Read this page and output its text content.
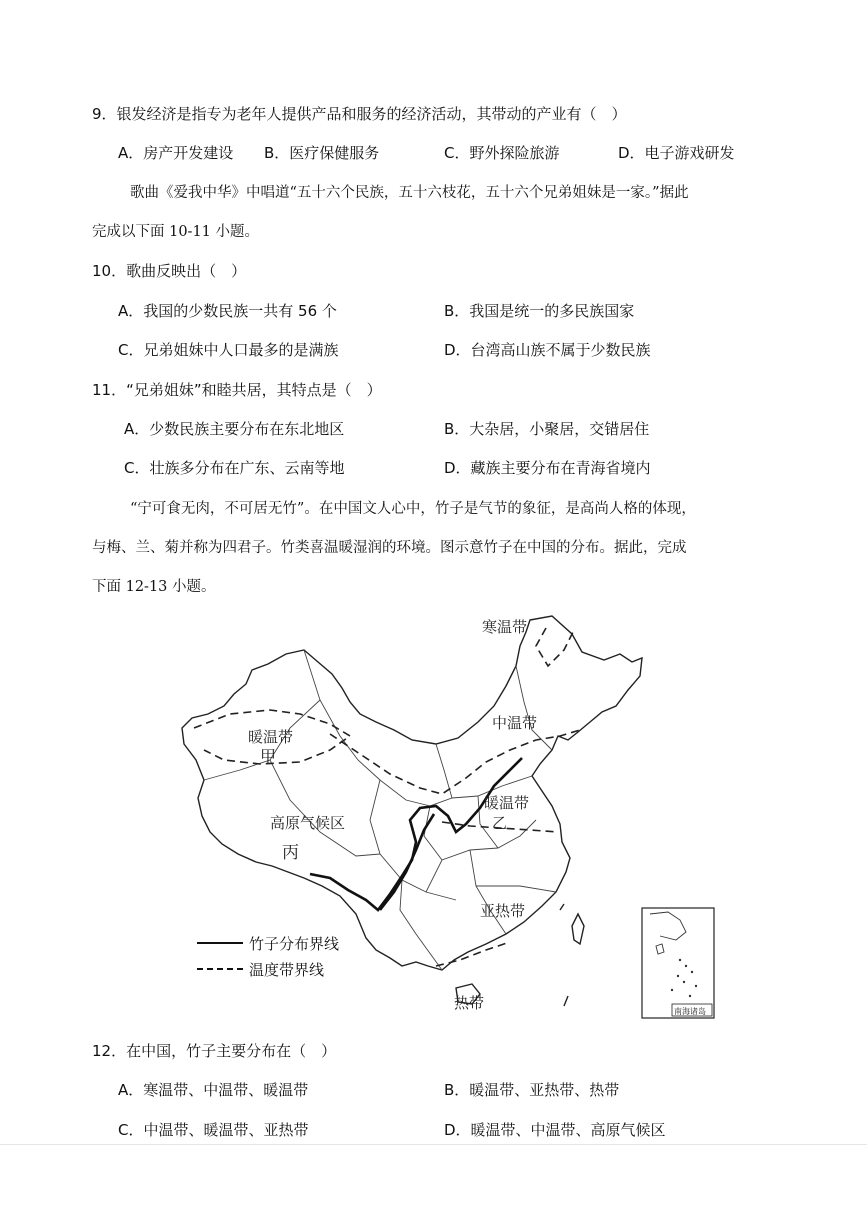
9．银发经济是指专为老年人提供产品和服务的经济活动，其带动的产业有（　）
A．房产开发建设 B．医疗保健服务	C．野外探险旅游	D．电子游戏研发
歌曲《爱我中华》中唱道“五十六个民族，五十六枝花，五十六个兄弟姐妹是一家。”据此
完成以下面 10-11 小题。
10．歌曲反映出（　）
A．我国的少数民族一共有 56 个	B．我国是统一的多民族国家
C．兄弟姐妹中人口最多的是满族	D．台湾高山族不属于少数民族
11．“兄弟姐妹”和睦共居，其特点是（　）
A．少数民族主要分布在东北地区	B．大杂居，小聚居，交错居住
C．壮族多分布在广东、云南等地	D．藏族主要分布在青海省境内
“宁可食无肉，不可居无竹”。在中国文人心中，竹子是气节的象征，是高尚人格的体现，
与梅、兰、菊并称为四君子。竹类喜温暖湿润的环境。图示意竹子在中国的分布。据此，完成
下面 12-13 小题。
寒温带
中温带
暖温带
甲
高原气候区
丙
暖温带
乙
亚热带
热带	南海诸岛
竹子分布界线
温度带界线
12．在中国，竹子主要分布在（　）
A．寒温带、中温带、暖温带	B．暖温带、亚热带、热带
C．中温带、暖温带、亚热带	D．暖温带、中温带、高原气候区
